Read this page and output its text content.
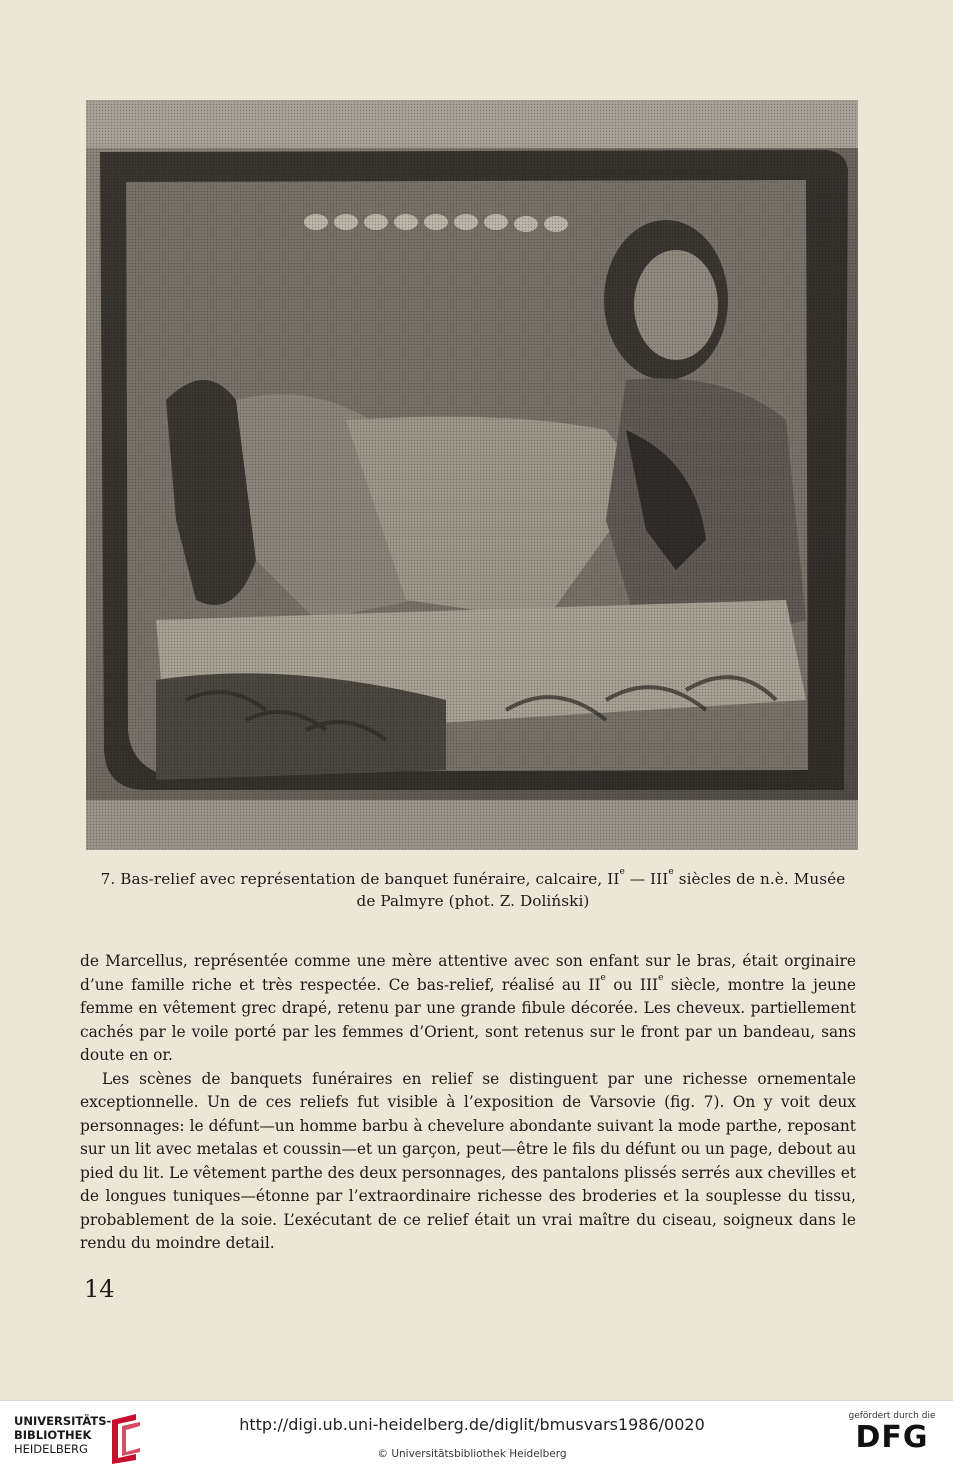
7. Bas-relief avec représentation de banquet funéraire, calcaire, IIe — IIIe siècles de n.è. Musée
de Palmyre (phot. Z. Doliński)

de Marcellus, représentée comme une mère attentive avec son enfant sur le bras, était orginaire d’une famille riche et très respectée. Ce bas-relief, réalisé au IIe ou IIIe siècle, montre la jeune femme en vêtement grec drapé, retenu par une grande fibule décorée. Les cheveux. partiellement cachés par le voile porté par les femmes d’Orient, sont retenus sur le front par un bandeau, sans doute en or.

Les scènes de banquets funéraires en relief se distinguent par une richesse ornementale exceptionnelle. Un de ces reliefs fut visible à l’exposition de Varsovie (fig. 7). On y voit deux personnages: le défunt—un homme barbu à chevelure abondante suivant la mode parthe, reposant sur un lit avec metalas et coussin—et un garçon, peut—être le fils du défunt ou un page, debout au pied du lit. Le vêtement parthe des deux personnages, des pantalons plissés serrés aux chevilles et de longues tuniques—étonne par l’extraordinaire richesse des broderies et la souplesse du tissu, probablement de la soie. L’exécutant de ce relief était un vrai maître du ciseau, soigneux dans le rendu du moindre detail.

14
UNIVERSITÄTS-
BIBLIOTHEK
HEIDELBERG
http://digi.ub.uni-heidelberg.de/diglit/bmusvars1986/0020
© Universitätsbibliothek Heidelberg
gefördert durch die
DFG
